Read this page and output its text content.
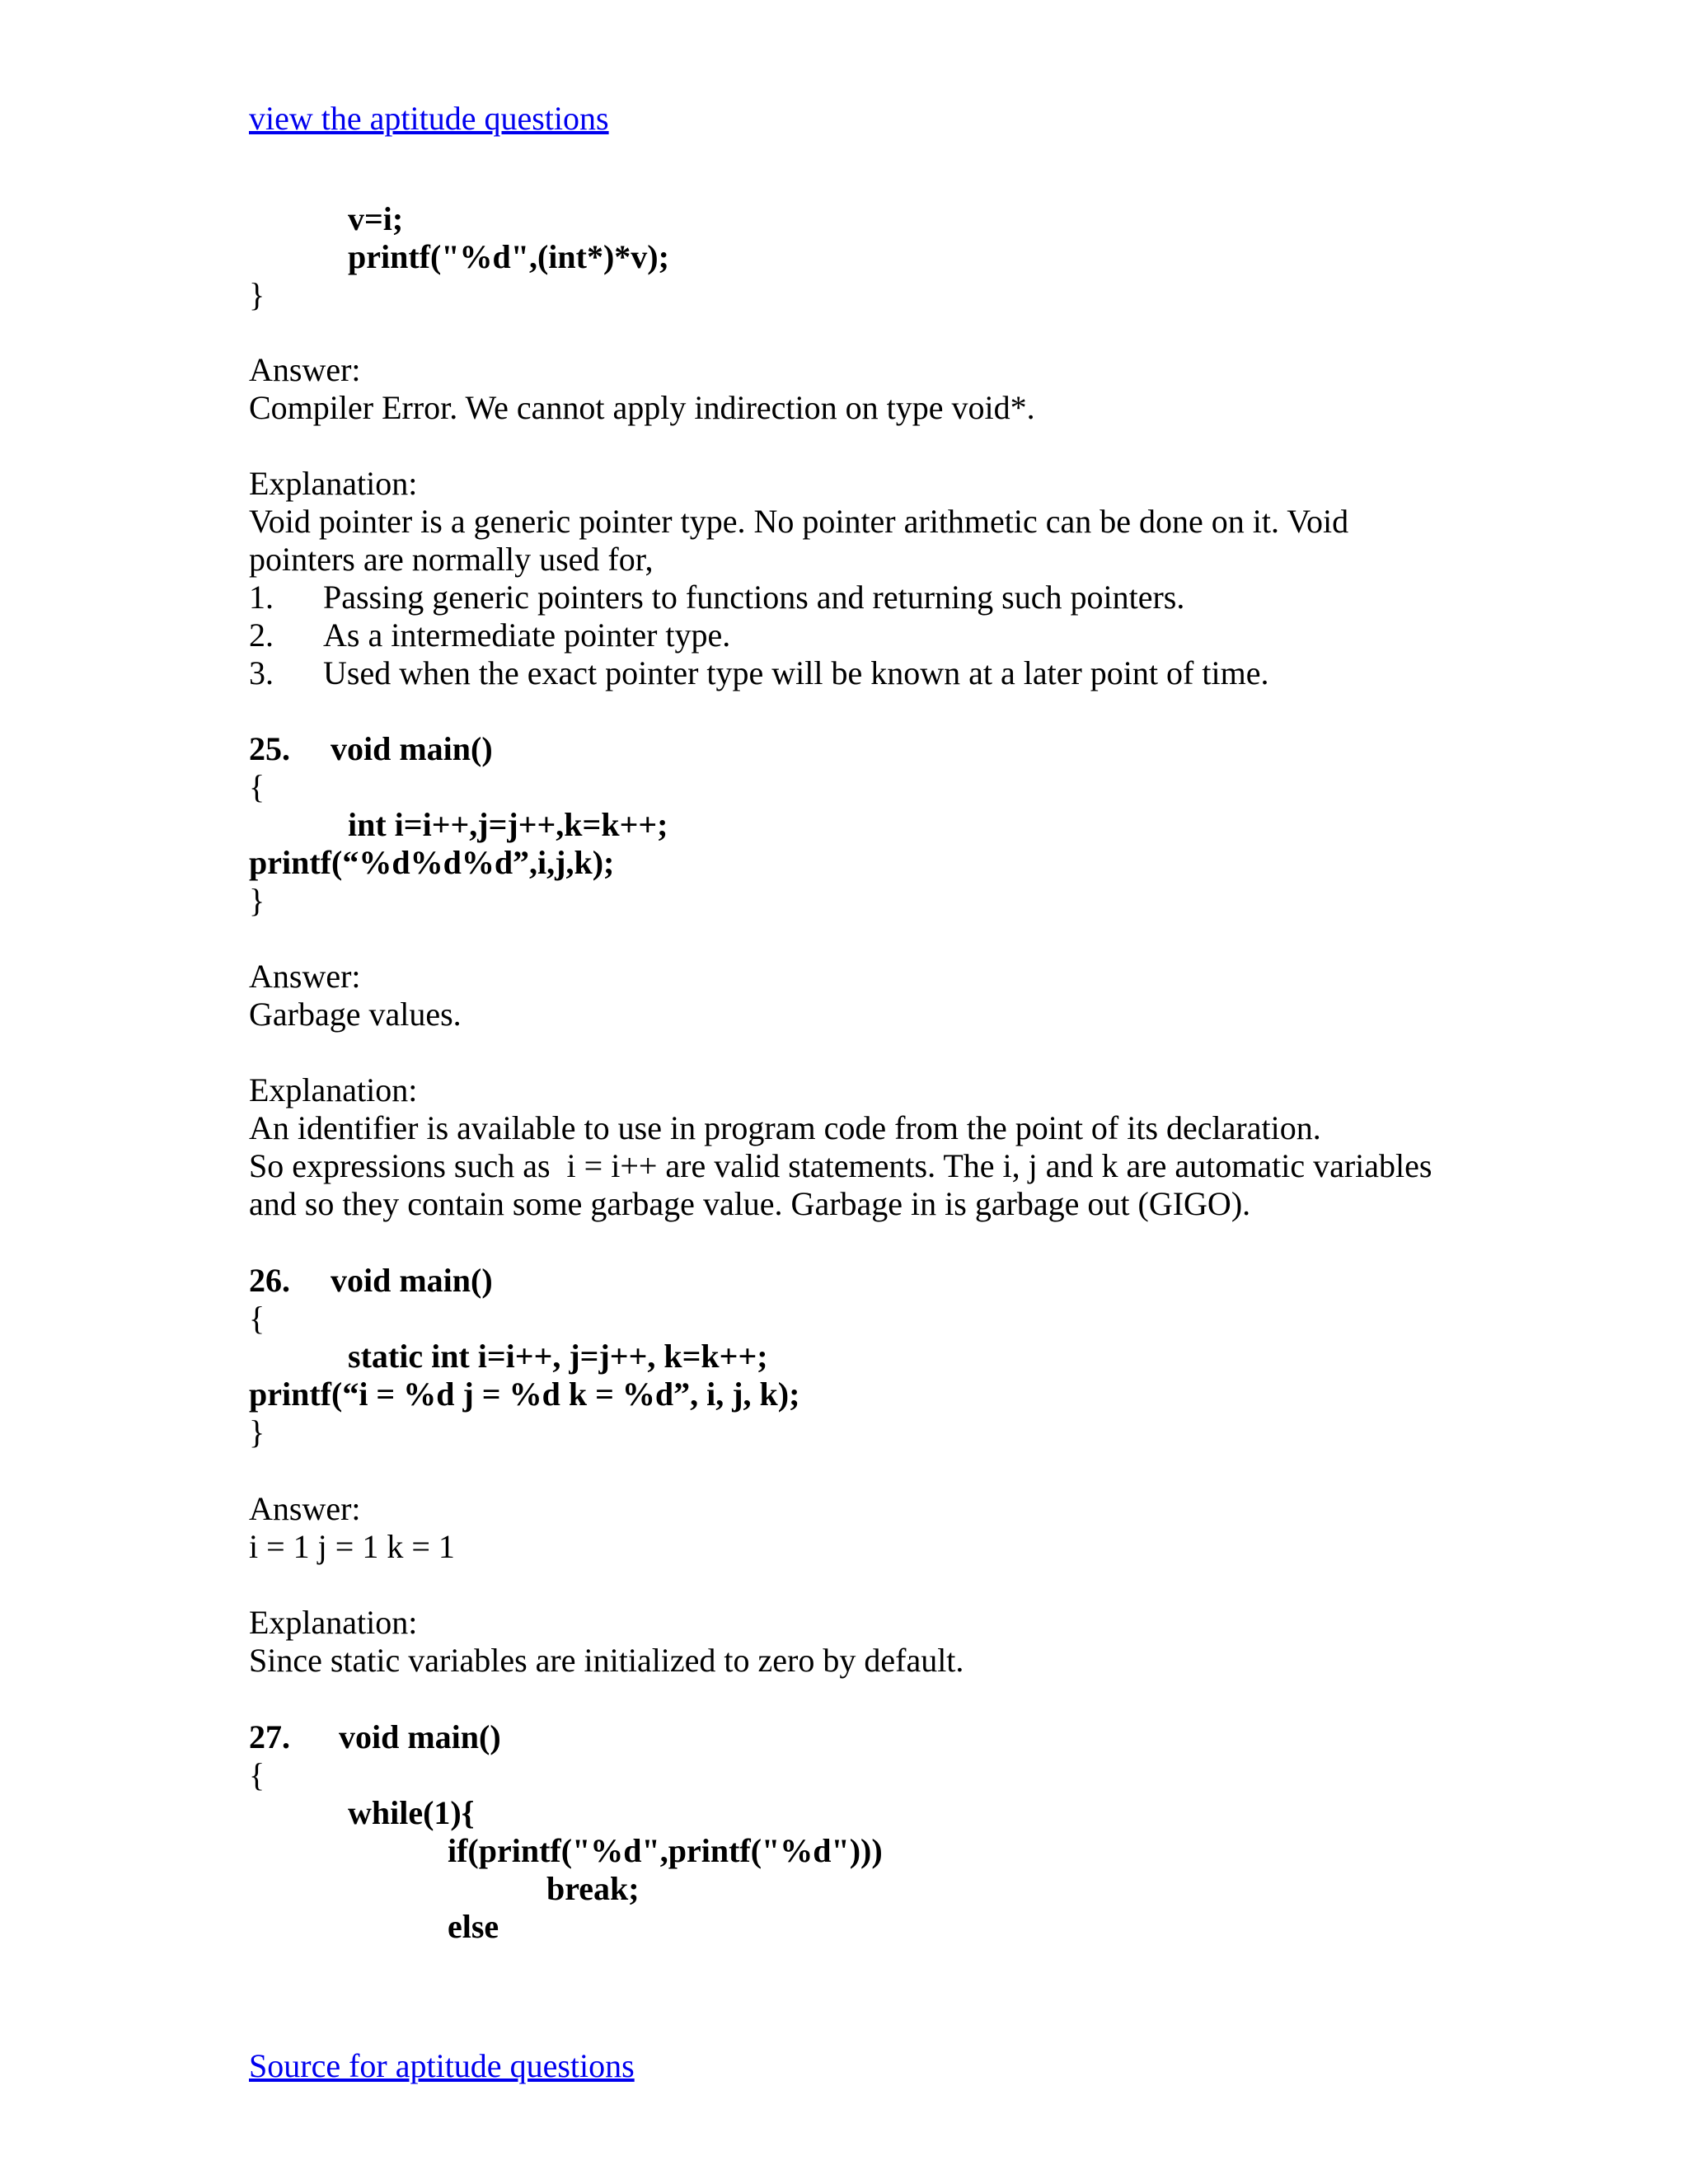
view the aptitude questions
v=i;
printf("%d",(int*)*v);
}
Answer:
Compiler Error. We cannot apply indirection on type void*.
Explanation:
Void pointer is a generic pointer type. No pointer arithmetic can be done on it. Void
pointers are normally used for,
1. Passing generic pointers to functions and returning such pointers.
2. As a intermediate pointer type.
3. Used when the exact pointer type will be known at a later point of time.
25. void main()
{
int i=i++,j=j++,k=k++;
printf(“%d%d%d”,i,j,k);
}
Answer:
Garbage values.
Explanation:
An identifier is available to use in program code from the point of its declaration.
So expressions such as  i = i++ are valid statements. The i, j and k are automatic variables
and so they contain some garbage value. Garbage in is garbage out (GIGO).
26. void main()
{
static int i=i++, j=j++, k=k++;
printf(“i = %d j = %d k = %d”, i, j, k);
}
Answer:
i = 1 j = 1 k = 1
Explanation:
Since static variables are initialized to zero by default.
27. void main()
{
while(1){
if(printf("%d",printf("%d")))
break;
else
Source for aptitude questions
